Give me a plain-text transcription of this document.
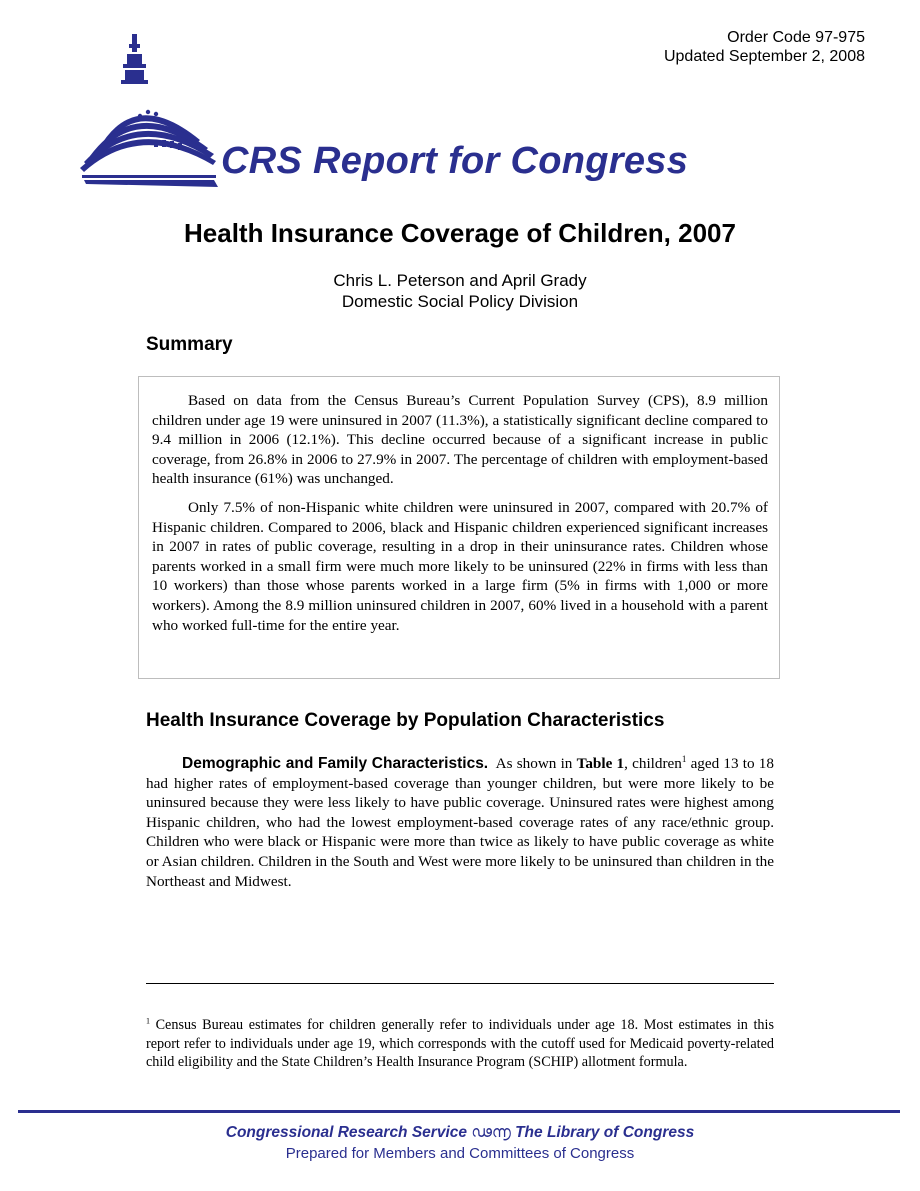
Order Code 97-975
Updated September 2, 2008
CRS Report for Congress
Health Insurance Coverage of Children, 2007
Chris L. Peterson and April Grady
Domestic Social Policy Division
Summary

Based on data from the Census Bureau’s Current Population Survey (CPS), 8.9 million children under age 19 were uninsured in 2007 (11.3%), a statistically significant decline compared to 9.4 million in 2006 (12.1%). This decline occurred because of a significant increase in public coverage, from 26.8% in 2006 to 27.9% in 2007. The percentage of children with employment-based health insurance (61%) was unchanged.

Only 7.5% of non-Hispanic white children were uninsured in 2007, compared with 20.7% of Hispanic children. Compared to 2006, black and Hispanic children experienced significant increases in 2007 in rates of public coverage, resulting in a drop in their uninsurance rates. Children whose parents worked in a small firm were much more likely to be uninsured (22% in firms with less than 10 workers) than those whose parents worked in a large firm (5% in firms with 1,000 or more workers). Among the 8.9 million uninsured children in 2007, 60% lived in a household with a parent who worked full-time for the entire year.

Health Insurance Coverage by Population Characteristics

Demographic and Family Characteristics. As shown in Table 1, children$^1$ aged 13 to 18 had higher rates of employment-based coverage than younger children, but were more likely to be uninsured because they were less likely to have public coverage. Uninsured rates were highest among Hispanic children, who had the lowest employment-based coverage rates of any race/ethnic group. Children who were black or Hispanic were more than twice as likely to have public coverage as white or Asian children. Children in the South and West were more likely to be uninsured than children in the Northeast and Midwest.

$^1$ Census Bureau estimates for children generally refer to individuals under age 18. Most estimates in this report refer to individuals under age 19, which corresponds with the cutoff used for Medicaid poverty-related child eligibility and the State Children’s Health Insurance Program (SCHIP) allotment formula.

Congressional Research Service ഢ൬ The Library of Congress
Prepared for Members and Committees of Congress
